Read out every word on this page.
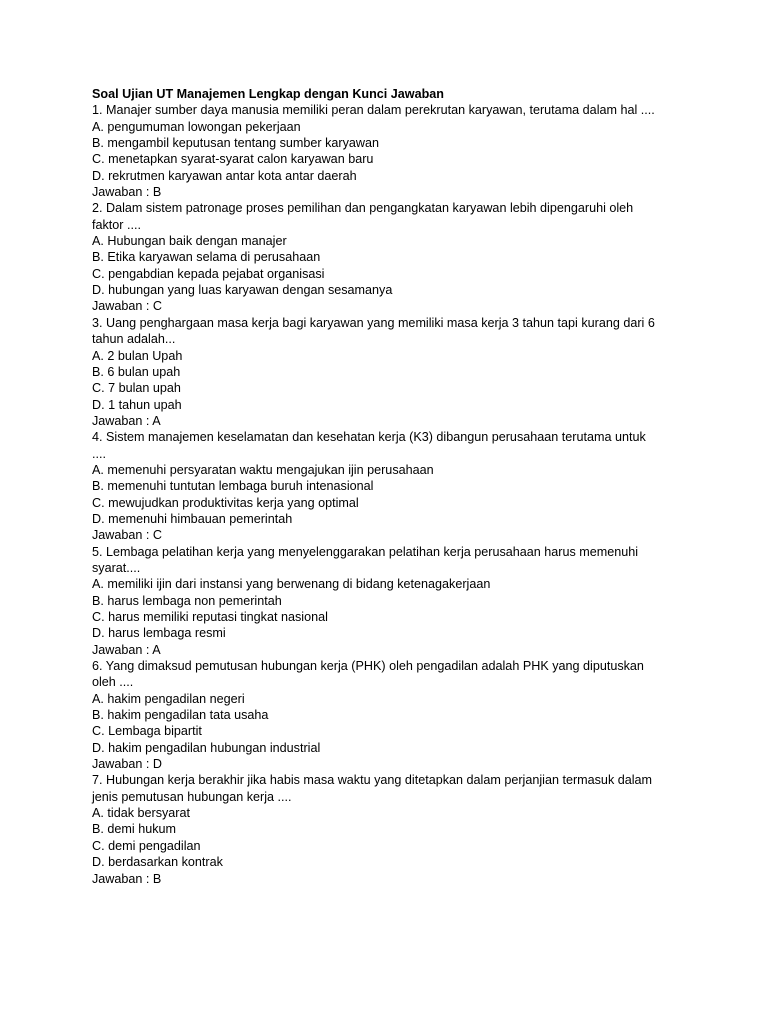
Soal Ujian UT Manajemen Lengkap dengan Kunci Jawaban
1. Manajer sumber daya manusia memiliki peran dalam perekrutan karyawan, terutama dalam hal ....
A. pengumuman lowongan pekerjaan
B. mengambil keputusan tentang sumber karyawan
C. menetapkan syarat-syarat calon karyawan baru
D. rekrutmen karyawan antar kota antar daerah
Jawaban : B
2. Dalam sistem patronage proses pemilihan dan pengangkatan karyawan lebih dipengaruhi oleh
faktor ....
A. Hubungan baik dengan manajer
B. Etika karyawan selama di perusahaan
C. pengabdian kepada pejabat organisasi
D. hubungan yang luas karyawan dengan sesamanya
Jawaban : C
3. Uang penghargaan masa kerja bagi karyawan yang memiliki masa kerja 3 tahun tapi kurang dari 6
tahun adalah...
A. 2 bulan Upah
B. 6 bulan upah
C. 7 bulan upah
D. 1 tahun upah
Jawaban : A
4. Sistem manajemen keselamatan dan kesehatan kerja (K3) dibangun perusahaan terutama untuk
....
A. memenuhi persyaratan waktu mengajukan ijin perusahaan
B. memenuhi tuntutan lembaga buruh intenasional
C. mewujudkan produktivitas kerja yang optimal
D. memenuhi himbauan pemerintah
Jawaban : C
5. Lembaga pelatihan kerja yang menyelenggarakan pelatihan kerja perusahaan harus memenuhi
syarat....
A. memiliki ijin dari instansi yang berwenang di bidang ketenagakerjaan
B. harus lembaga non pemerintah
C. harus memiliki reputasi tingkat nasional
D. harus lembaga resmi
Jawaban : A
6. Yang dimaksud pemutusan hubungan kerja (PHK) oleh pengadilan adalah PHK yang diputuskan
oleh ....
A. hakim pengadilan negeri
B. hakim pengadilan tata usaha
C. Lembaga bipartit
D. hakim pengadilan hubungan industrial
Jawaban : D
7. Hubungan kerja berakhir jika habis masa waktu yang ditetapkan dalam perjanjian termasuk dalam
jenis pemutusan hubungan kerja ....
A. tidak bersyarat
B. demi hukum
C. demi pengadilan
D. berdasarkan kontrak
Jawaban : B
